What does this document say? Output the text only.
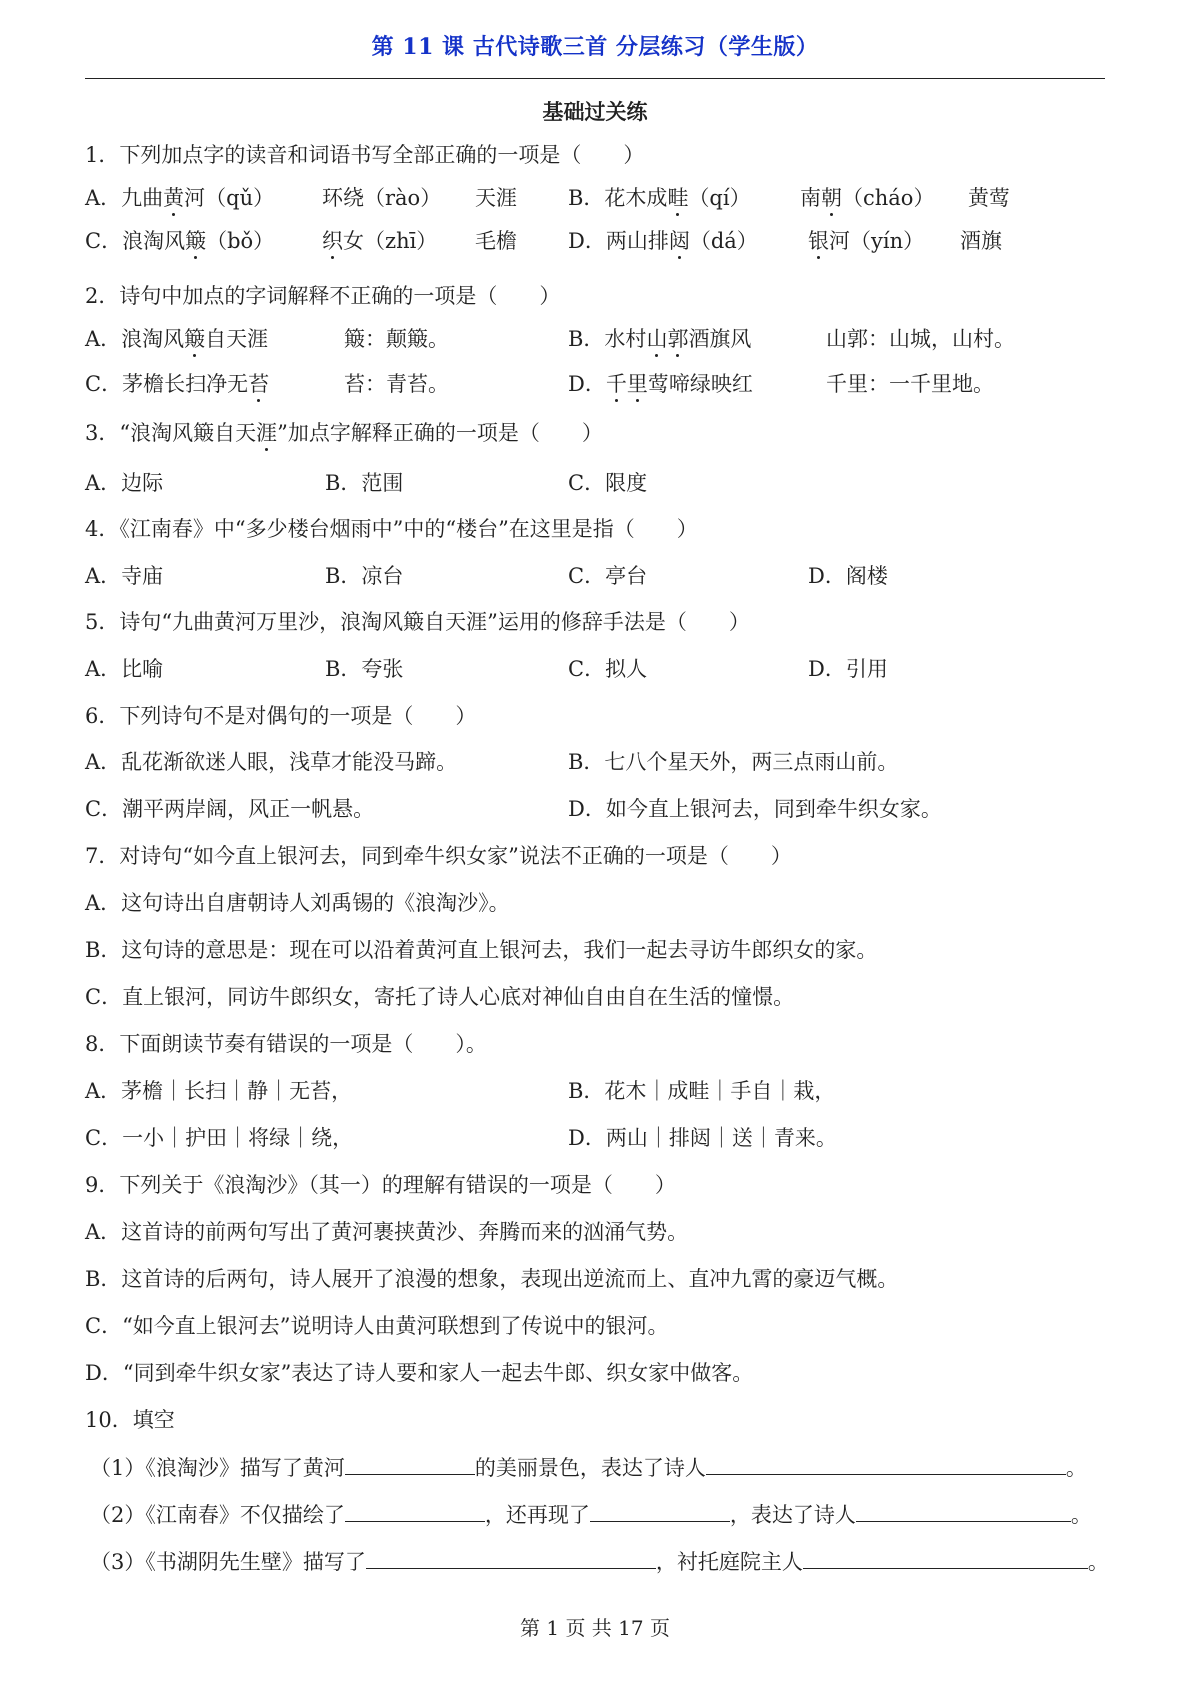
第 11 课 古代诗歌三首 分层练习（学生版）
基础过关练
1．下列加点字的读音和词语书写全部正确的一项是（　　）
A．九曲黄河（qǔ） 环绕（rào） 天涯 B．花木成畦（qí） 南朝（cháo） 黄莺
C．浪淘风簸（bǒ） 织女（zhī） 毛檐 D．两山排闼（dá） 银河（yín） 酒旗
2．诗句中加点的字词解释不正确的一项是（　　）
A．浪淘风簸自天涯	簸：颠簸。	B．水村山郭酒旗风	山郭：山城，山村。
C．茅檐长扫净无苔	苔：青苔。	D．千里莺啼绿映红	千里：一千里地。
3．“浪淘风簸自天涯”加点字解释正确的一项是（　　）
A．边际	B．范围	C．限度
4．《江南春》中“多少楼台烟雨中”中的“楼台”在这里是指（　　）
A．寺庙	B．凉台	C．亭台	D．阁楼
5．诗句“九曲黄河万里沙，浪淘风簸自天涯”运用的修辞手法是（　　）
A．比喻	B．夸张	C．拟人	D．引用
6．下列诗句不是对偶句的一项是（　　）
A．乱花渐欲迷人眼，浅草才能没马蹄。	B．七八个星天外，两三点雨山前。
C．潮平两岸阔，风正一帆悬。	D．如今直上银河去，同到牵牛织女家。
7．对诗句“如今直上银河去，同到牵牛织女家”说法不正确的一项是（　　）
A．这句诗出自唐朝诗人刘禹锡的《浪淘沙》。
B．这句诗的意思是：现在可以沿着黄河直上银河去，我们一起去寻访牛郎织女的家。
C．直上银河，同访牛郎织女，寄托了诗人心底对神仙自由自在生活的憧憬。
8．下面朗读节奏有错误的一项是（　　）。
A．茅檐｜长扫｜静｜无苔，	B．花木｜成畦｜手自｜栽，
C．一小｜护田｜将绿｜绕，	D．两山｜排闼｜送｜青来。
9．下列关于《浪淘沙》（其一）的理解有错误的一项是（　　）
A．这首诗的前两句写出了黄河裹挟黄沙、奔腾而来的汹涌气势。
B．这首诗的后两句，诗人展开了浪漫的想象，表现出逆流而上、直冲九霄的豪迈气概。
C．“如今直上银河去”说明诗人由黄河联想到了传说中的银河。
D．“同到牵牛织女家”表达了诗人要和家人一起去牛郎、织女家中做客。
10．填空
（1）《浪淘沙》描写了黄河	的美丽景色，表达了诗人	。
（2）《江南春》不仅描绘了	，还再现了	，表达了诗人	。
（3）《书湖阴先生壁》描写了	，衬托庭院主人	。
第 1 页 共 17 页
